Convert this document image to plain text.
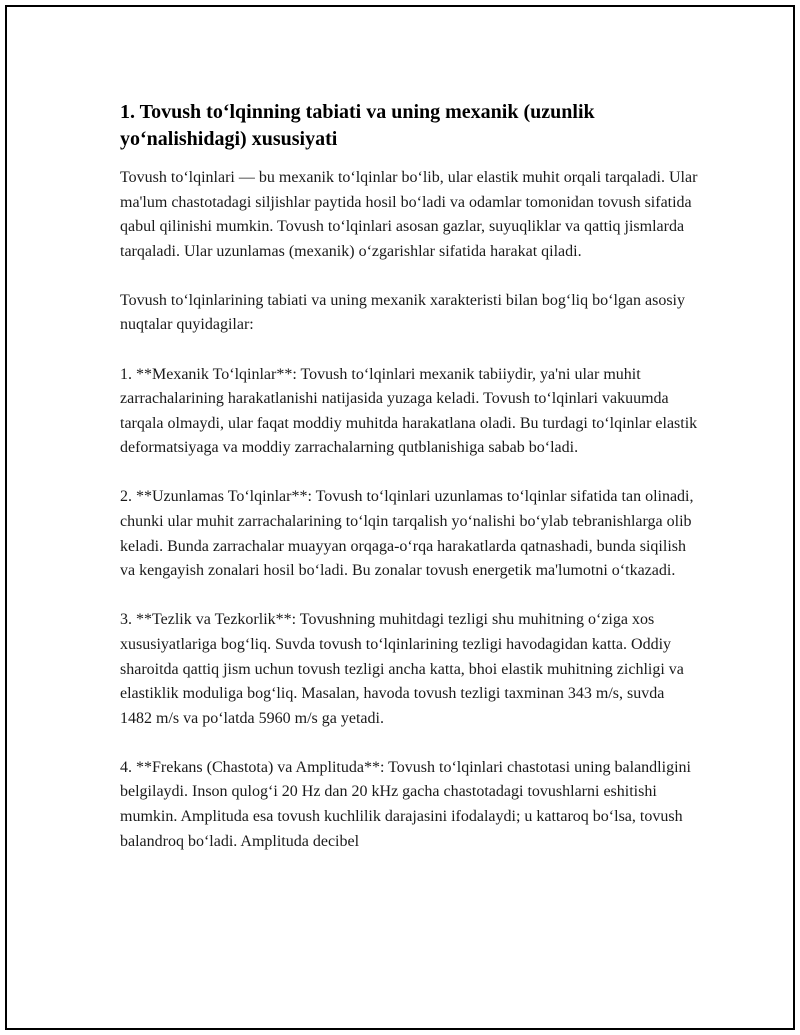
1. Tovush to‘lqinning tabiati va uning mexanik (uzunlik yo‘nalishidagi) xususiyati

Tovush to‘lqinlari — bu mexanik to‘lqinlar bo‘lib, ular elastik muhit orqali tarqaladi. Ular ma'lum chastotadagi siljishlar paytida hosil bo‘ladi va odamlar tomonidan tovush sifatida qabul qilinishi mumkin. Tovush to‘lqinlari asosan gazlar, suyuqliklar va qattiq jismlarda tarqaladi. Ular uzunlamas (mexanik) o‘zgarishlar sifatida harakat qiladi.

Tovush to‘lqinlarining tabiati va uning mexanik xarakteristi bilan bog‘liq bo‘lgan asosiy nuqtalar quyidagilar:

1. **Mexanik To‘lqinlar**: Tovush to‘lqinlari mexanik tabiiydir, ya'ni ular muhit zarrachalarining harakatlanishi natijasida yuzaga keladi. Tovush to‘lqinlari vakuumda tarqala olmaydi, ular faqat moddiy muhitda harakatlana oladi. Bu turdagi to‘lqinlar elastik deformatsiyaga va moddiy zarrachalarning qutblanishiga sabab bo‘ladi.

2. **Uzunlamas To‘lqinlar**: Tovush to‘lqinlari uzunlamas to‘lqinlar sifatida tan olinadi, chunki ular muhit zarrachalarining to‘lqin tarqalish yo‘nalishi bo‘ylab tebranishlarga olib keladi. Bunda zarrachalar muayyan orqaga-o‘rqa harakatlarda qatnashadi, bunda siqilish va kengayish zonalari hosil bo‘ladi. Bu zonalar tovush energetik ma'lumotni o‘tkazadi.

3. **Tezlik va Tezkorlik**: Tovushning muhitdagi tezligi shu muhitning o‘ziga xos xususiyatlariga bog‘liq. Suvda tovush to‘lqinlarining tezligi havodagidan katta. Oddiy sharoitda qattiq jism uchun tovush tezligi ancha katta, bhoi elastik muhitning zichligi va elastiklik moduliga bog‘liq. Masalan, havoda tovush tezligi taxminan 343 m/s, suvda 1482 m/s va po‘latda 5960 m/s ga yetadi.

4. **Frekans (Chastota) va Amplituda**: Tovush to‘lqinlari chastotasi uning balandligini belgilaydi. Inson qulog‘i 20 Hz dan 20 kHz gacha chastotadagi tovushlarni eshitishi mumkin. Amplituda esa tovush kuchlilik darajasini ifodalaydi; u kattaroq bo‘lsa, tovush balandroq bo‘ladi. Amplituda decibel
